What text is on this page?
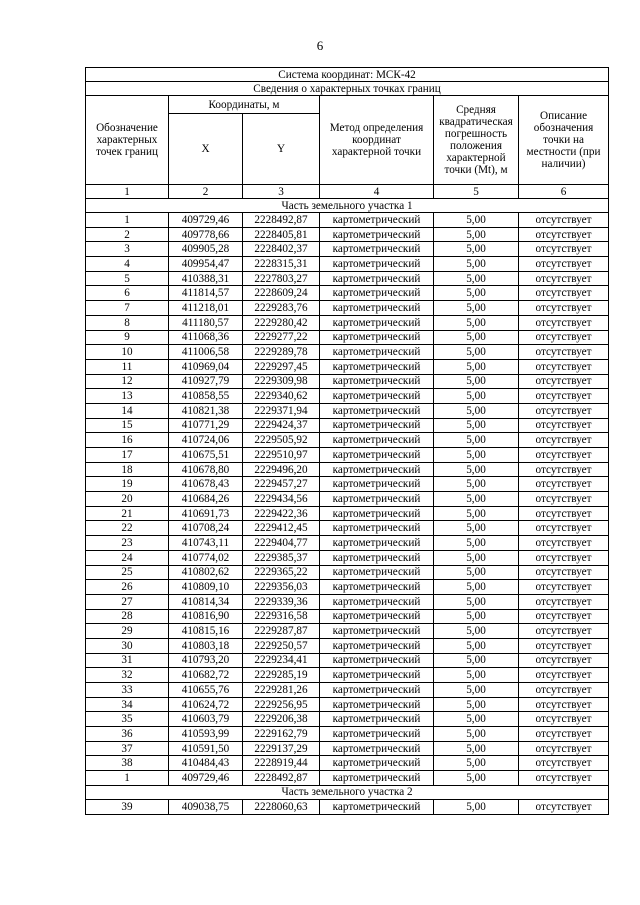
6
Система координат: МСК-42					
Сведения о характерных точках границ					
Обозначение характерных точек границ	Координаты, м		Метод определения координат характерной точки	Средняя квадратическая погрешность положения характерной точки (Mt), м	Описание обозначения точки на местности (при наличии)
	X	Y			
1	2	3	4	5	6
Часть земельного участка 1					
1	409729,46	2228492,87	картометрический	5,00	отсутствует
2	409778,66	2228405,81	картометрический	5,00	отсутствует
3	409905,28	2228402,37	картометрический	5,00	отсутствует
4	409954,47	2228315,31	картометрический	5,00	отсутствует
5	410388,31	2227803,27	картометрический	5,00	отсутствует
6	411814,57	2228609,24	картометрический	5,00	отсутствует
7	411218,01	2229283,76	картометрический	5,00	отсутствует
8	411180,57	2229280,42	картометрический	5,00	отсутствует
9	411068,36	2229277,22	картометрический	5,00	отсутствует
10	411006,58	2229289,78	картометрический	5,00	отсутствует
11	410969,04	2229297,45	картометрический	5,00	отсутствует
12	410927,79	2229309,98	картометрический	5,00	отсутствует
13	410858,55	2229340,62	картометрический	5,00	отсутствует
14	410821,38	2229371,94	картометрический	5,00	отсутствует
15	410771,29	2229424,37	картометрический	5,00	отсутствует
16	410724,06	2229505,92	картометрический	5,00	отсутствует
17	410675,51	2229510,97	картометрический	5,00	отсутствует
18	410678,80	2229496,20	картометрический	5,00	отсутствует
19	410678,43	2229457,27	картометрический	5,00	отсутствует
20	410684,26	2229434,56	картометрический	5,00	отсутствует
21	410691,73	2229422,36	картометрический	5,00	отсутствует
22	410708,24	2229412,45	картометрический	5,00	отсутствует
23	410743,11	2229404,77	картометрический	5,00	отсутствует
24	410774,02	2229385,37	картометрический	5,00	отсутствует
25	410802,62	2229365,22	картометрический	5,00	отсутствует
26	410809,10	2229356,03	картометрический	5,00	отсутствует
27	410814,34	2229339,36	картометрический	5,00	отсутствует
28	410816,90	2229316,58	картометрический	5,00	отсутствует
29	410815,16	2229287,87	картометрический	5,00	отсутствует
30	410803,18	2229250,57	картометрический	5,00	отсутствует
31	410793,20	2229234,41	картометрический	5,00	отсутствует
32	410682,72	2229285,19	картометрический	5,00	отсутствует
33	410655,76	2229281,26	картометрический	5,00	отсутствует
34	410624,72	2229256,95	картометрический	5,00	отсутствует
35	410603,79	2229206,38	картометрический	5,00	отсутствует
36	410593,99	2229162,79	картометрический	5,00	отсутствует
37	410591,50	2229137,29	картометрический	5,00	отсутствует
38	410484,43	2228919,44	картометрический	5,00	отсутствует
1	409729,46	2228492,87	картометрический	5,00	отсутствует
Часть земельного участка 2					
39	409038,75	2228060,63	картометрический	5,00	отсутствует
